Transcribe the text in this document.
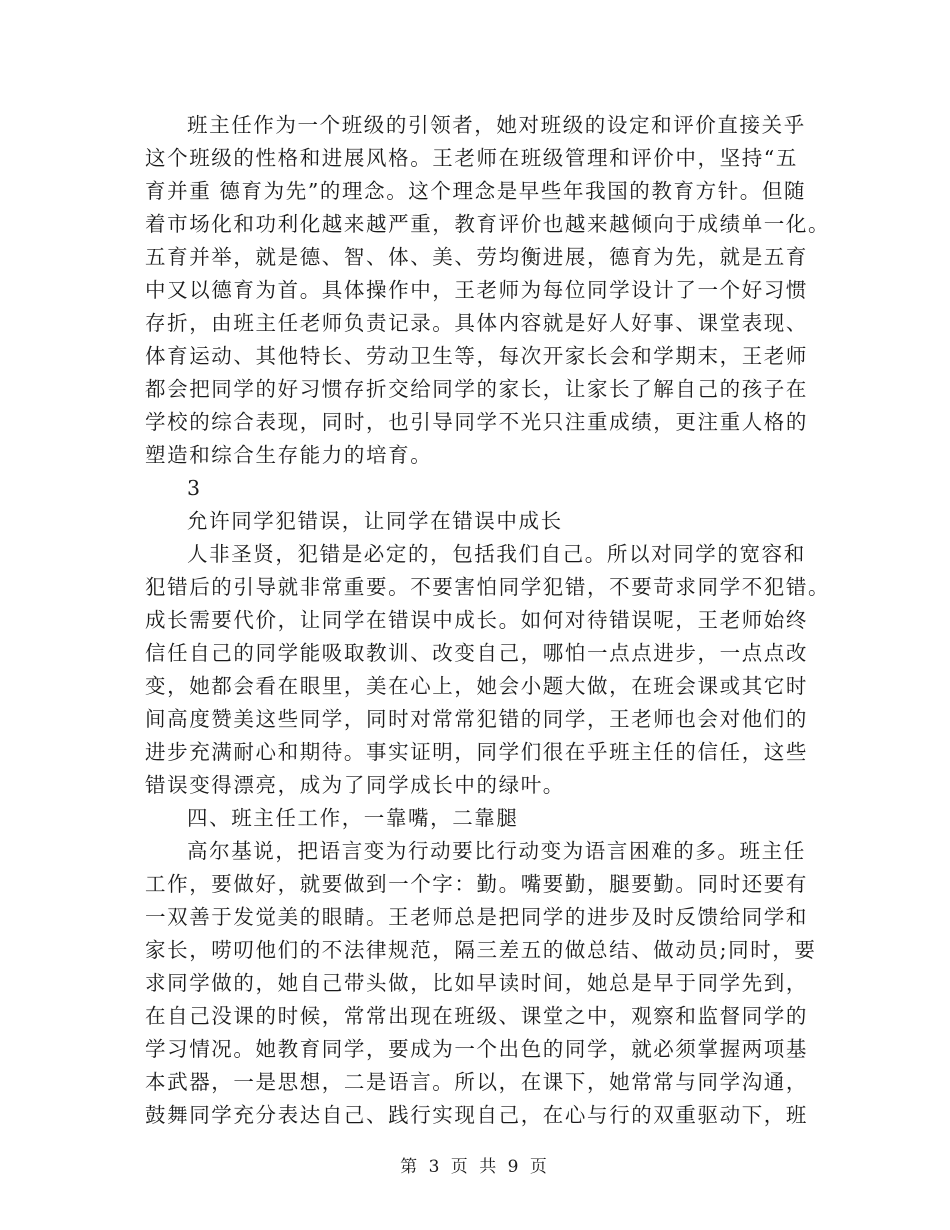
班主任作为一个班级的引领者，她对班级的设定和评价直接关乎
这个班级的性格和进展风格。王老师在班级管理和评价中，坚持“五
育并重 德育为先”的理念。这个理念是早些年我国的教育方针。但随
着市场化和功利化越来越严重，教育评价也越来越倾向于成绩单一化。
五育并举，就是德、智、体、美、劳均衡进展，德育为先，就是五育
中又以德育为首。具体操作中，王老师为每位同学设计了一个好习惯
存折，由班主任老师负责记录。具体内容就是好人好事、课堂表现、
体育运动、其他特长、劳动卫生等，每次开家长会和学期末，王老师
都会把同学的好习惯存折交给同学的家长，让家长了解自己的孩子在
学校的综合表现，同时，也引导同学不光只注重成绩，更注重人格的
塑造和综合生存能力的培育。
3
允许同学犯错误，让同学在错误中成长
人非圣贤，犯错是必定的，包括我们自己。所以对同学的宽容和
犯错后的引导就非常重要。不要害怕同学犯错，不要苛求同学不犯错。
成长需要代价，让同学在错误中成长。如何对待错误呢，王老师始终
信任自己的同学能吸取教训、改变自己，哪怕一点点进步，一点点改
变，她都会看在眼里，美在心上，她会小题大做，在班会课或其它时
间高度赞美这些同学，同时对常常犯错的同学，王老师也会对他们的
进步充满耐心和期待。事实证明，同学们很在乎班主任的信任，这些
错误变得漂亮，成为了同学成长中的绿叶。
四、班主任工作，一靠嘴，二靠腿
高尔基说，把语言变为行动要比行动变为语言困难的多。班主任
工作，要做好，就要做到一个字：勤。嘴要勤，腿要勤。同时还要有
一双善于发觉美的眼睛。王老师总是把同学的进步及时反馈给同学和
家长，唠叨他们的不法律规范，隔三差五的做总结、做动员;同时，要
求同学做的，她自己带头做，比如早读时间，她总是早于同学先到，
在自己没课的时候，常常出现在班级、课堂之中，观察和监督同学的
学习情况。她教育同学，要成为一个出色的同学，就必须掌握两项基
本武器，一是思想，二是语言。所以，在课下，她常常与同学沟通，
鼓舞同学充分表达自己、践行实现自己，在心与行的双重驱动下，班
第 3 页 共 9 页
